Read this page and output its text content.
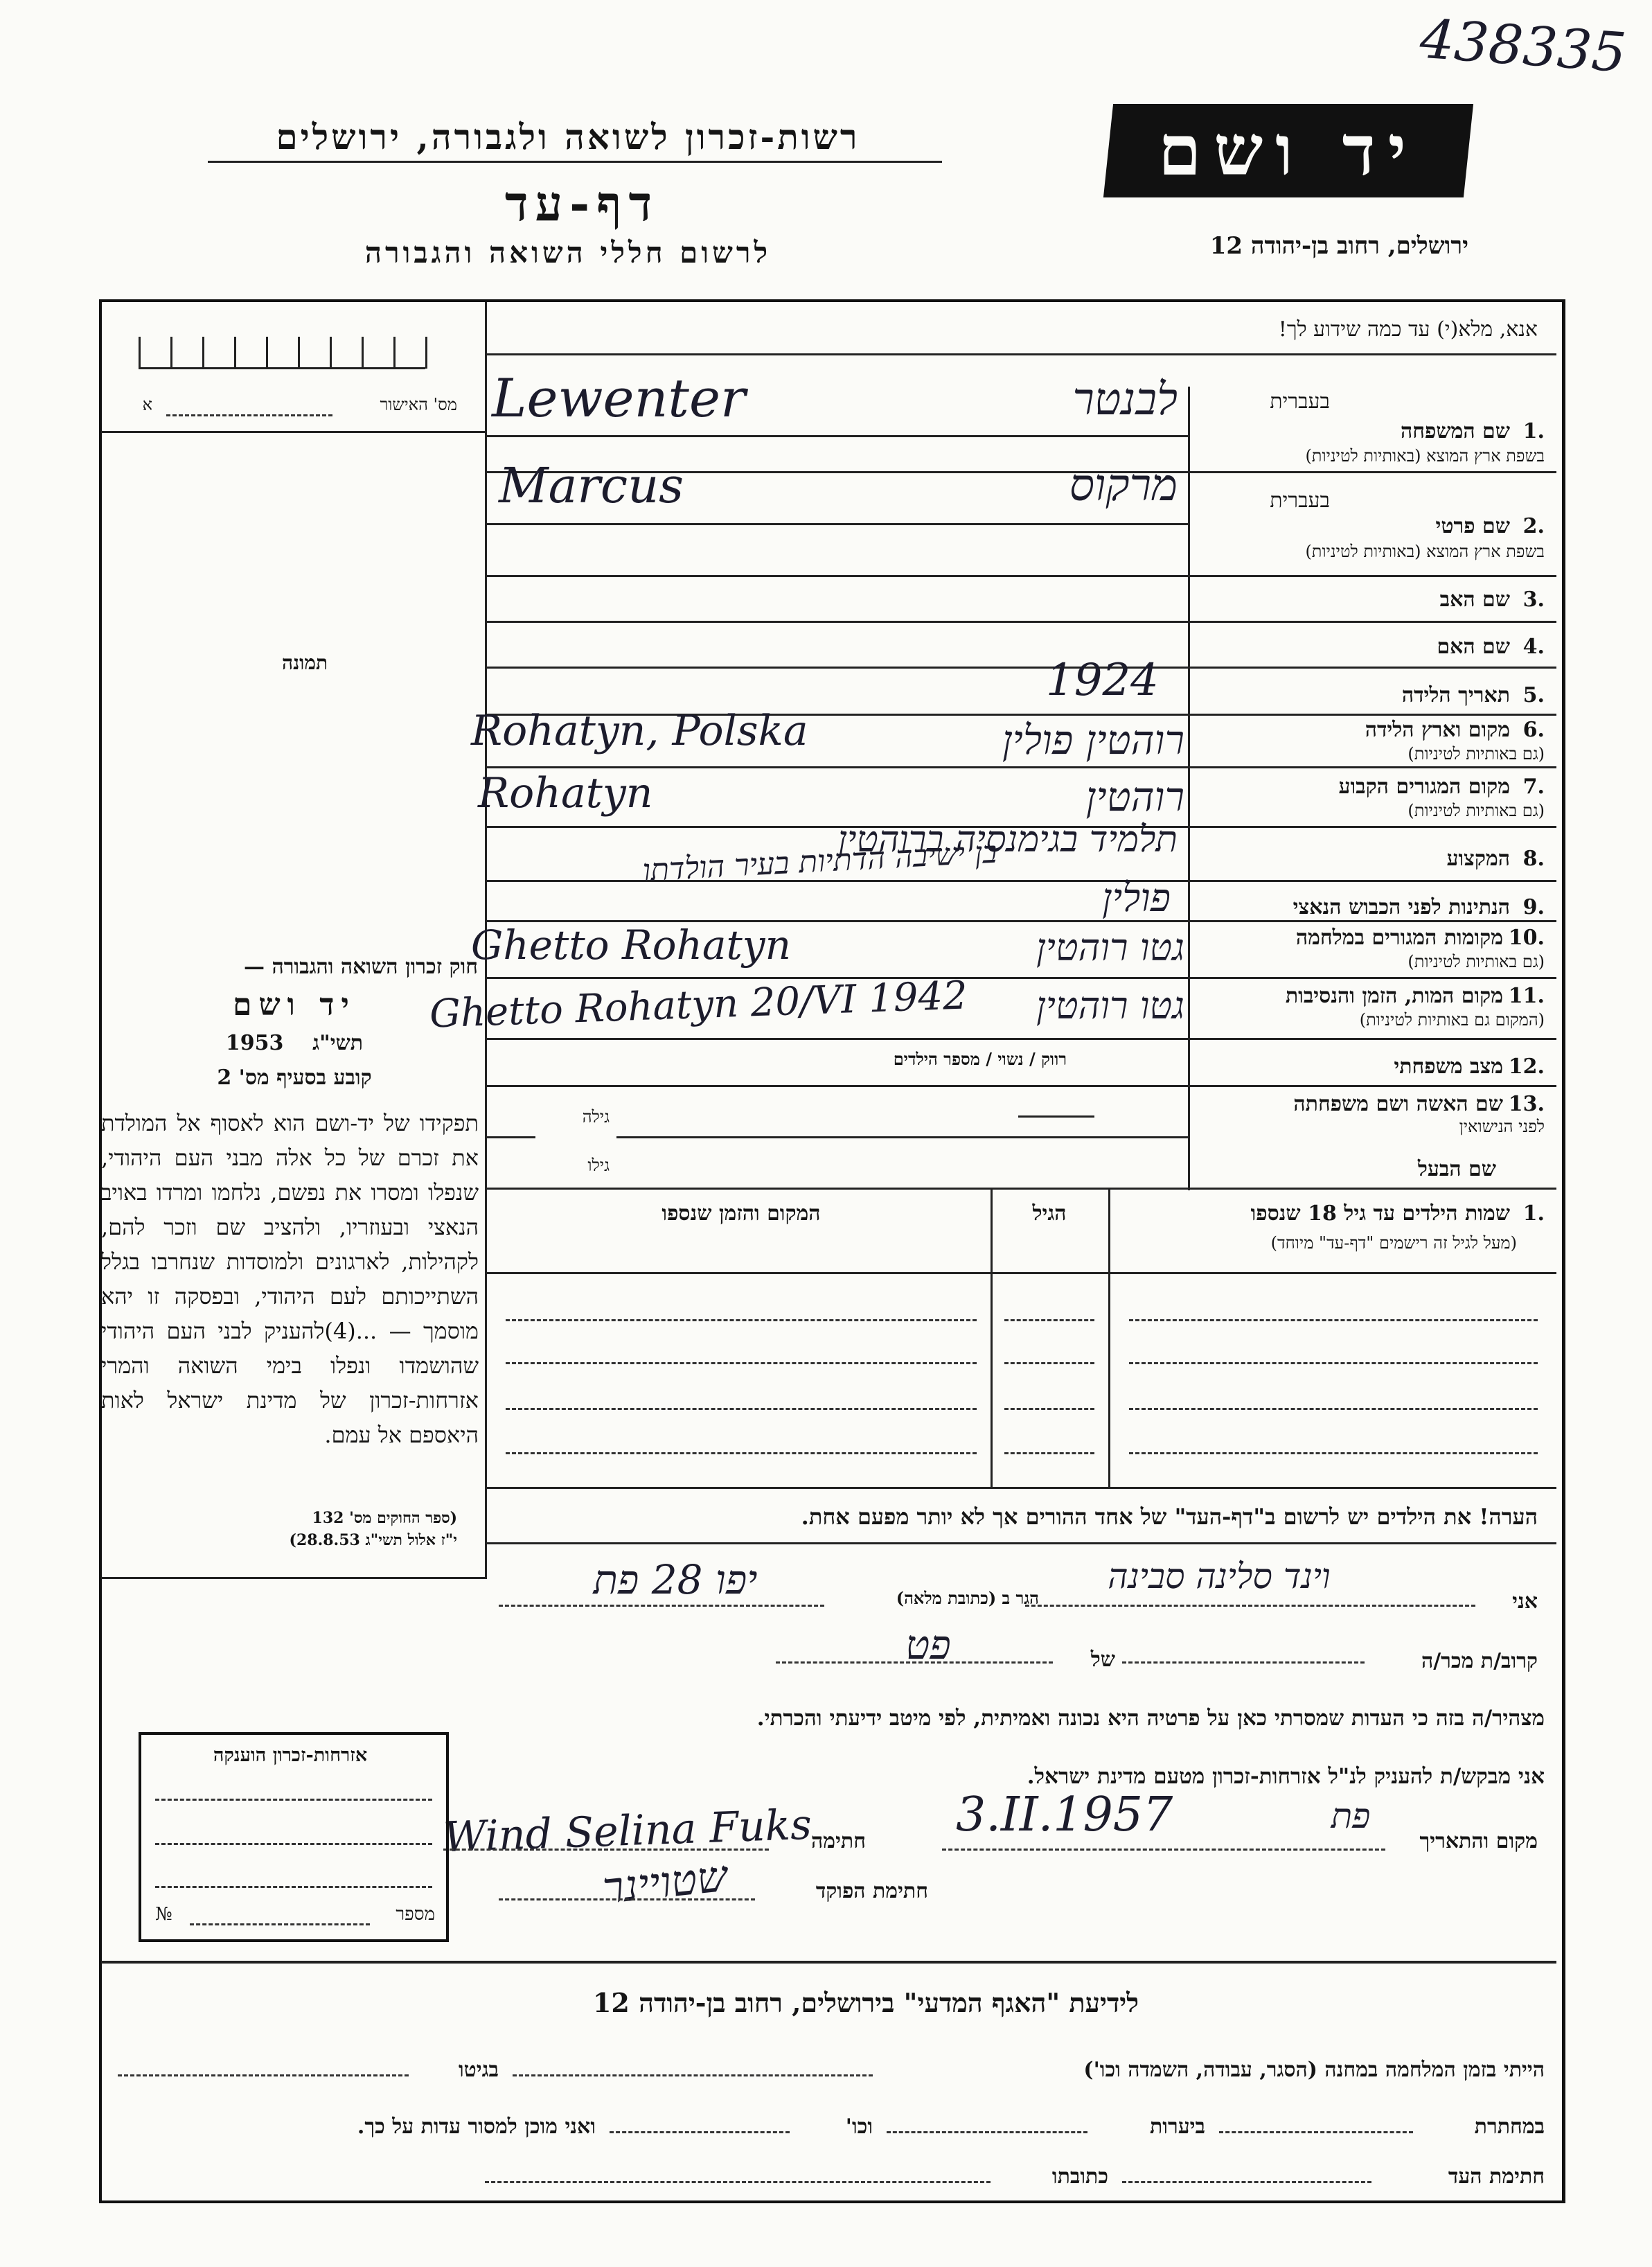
438335
רשות-זכרון לשואה ולגבורה, ירושלים
דף-עד
לרשום חללי השואה והגבורה
יד ושם
ירושלים, רחוב בן-יהודה 12
אנא, מלא(י) עד כמה שידוע לך!
מס' האישור
א
תמונה
חוק זכרון השואה והגבורה —
יד ושם
תשי"ג    1953
קובע בסעיף מס' 2
תפקידו של יד-ושם הוא לאסוף אל המולדת את זכרם של כל אלה מבני העם היהודי, שנפלו ומסרו את נפשם, נלחמו ומרדו באויב הנאצי ובעוזריו, ולהציב שם וזכר להם, לקהילות, לארגונים ולמוסדות שנחרבו בגלל השתייכותם לעם היהודי, ובפסקה זו יהא מוסמך — ...(4)להעניק לבני העם היהודי שהושמדו ונפלו בימי השואה והמרי אזרחות-זכרון של מדינת ישראל לאות היאספם אל עמם.
(ספר החוקים מס' 132
י"ז אלול תשי"ג 28.8.53)
בעברית
1.
שם המשפחה
בשפת ארץ המוצא (באותיות לטיניות)
Lewenter	לבנטר
בעברית
2.
שם פרטי
בשפת ארץ המוצא (באותיות לטיניות)
Marcus	מרקוס
3.
שם האב
4.
שם האם
5.
תאריך הלידה
1924
6.
מקום וארץ הלידה
(גם באותיות לטיניות)
Rohatyn, Polska	רוהטין פולין
7.
מקום המגורים הקבוע
(גם באותיות לטיניות)
Rohatyn	רוהטין
8.
המקצוע
תלמיד בגימנסיה ברוהטין
בן ישיבה הדתיות בעיר הולדתו
9.
הנתינות לפני הכבוש הנאצי
פולין
10.
מקומות המגורים במלחמה
(גם באותיות לטיניות)
Ghetto Rohatyn	גטו רוהטין
11.
מקום המות, הזמן והנסיבות
(המקום גם באותיות לטיניות)
Ghetto Rohatyn 20/VI 1942	גטו רוהטין
12.
מצב משפחתי
רווק / נשוי / מספר הילדים
13.
שם האשה ושם משפחתה
לפני הנישואין
גילה
שם הבעל
גילו
1.
שמות הילדים עד גיל 18 שנספו
(מעל לגיל זה רישמים "דף-עד" מיוחד)
הגיל
המקום והזמן שנספו
הערה! את הילדים יש לרשום ב"דף-העד" של אחד ההורים אך לא יותר מפעם אחת.
אני
וינד סלינה סבינה
הגר ב (כתובת מלאה)
יפו 28 פת
קרוב/ת מכר/ה
של
פט
מצהיר/ה בזה כי העדות שמסרתי כאן על פרטיה היא נכונה ואמיתית, לפי מיטב ידיעתי והכרתי.
אני מבקש/ת להעניק לנ"ל אזרחות-זכרון מטעם מדינת ישראל.
מקום והתאריך
פת
3.II.1957
חתימה
Wind Selina Fuks
חתימת הפוקד
שטויינר
אזרחות-זכרון הוענקה
מספר
№
לידיעת "האגף המדעי" בירושלים, רחוב בן-יהודה 12
הייתי בזמן המלחמה במחנה (הסגר, עבודה, השמדה וכו')
בגיטו
במחתרת
ביערות
וכו'
ואני מוכן למסור עדות על כך.
חתימת העד
כתובתו
